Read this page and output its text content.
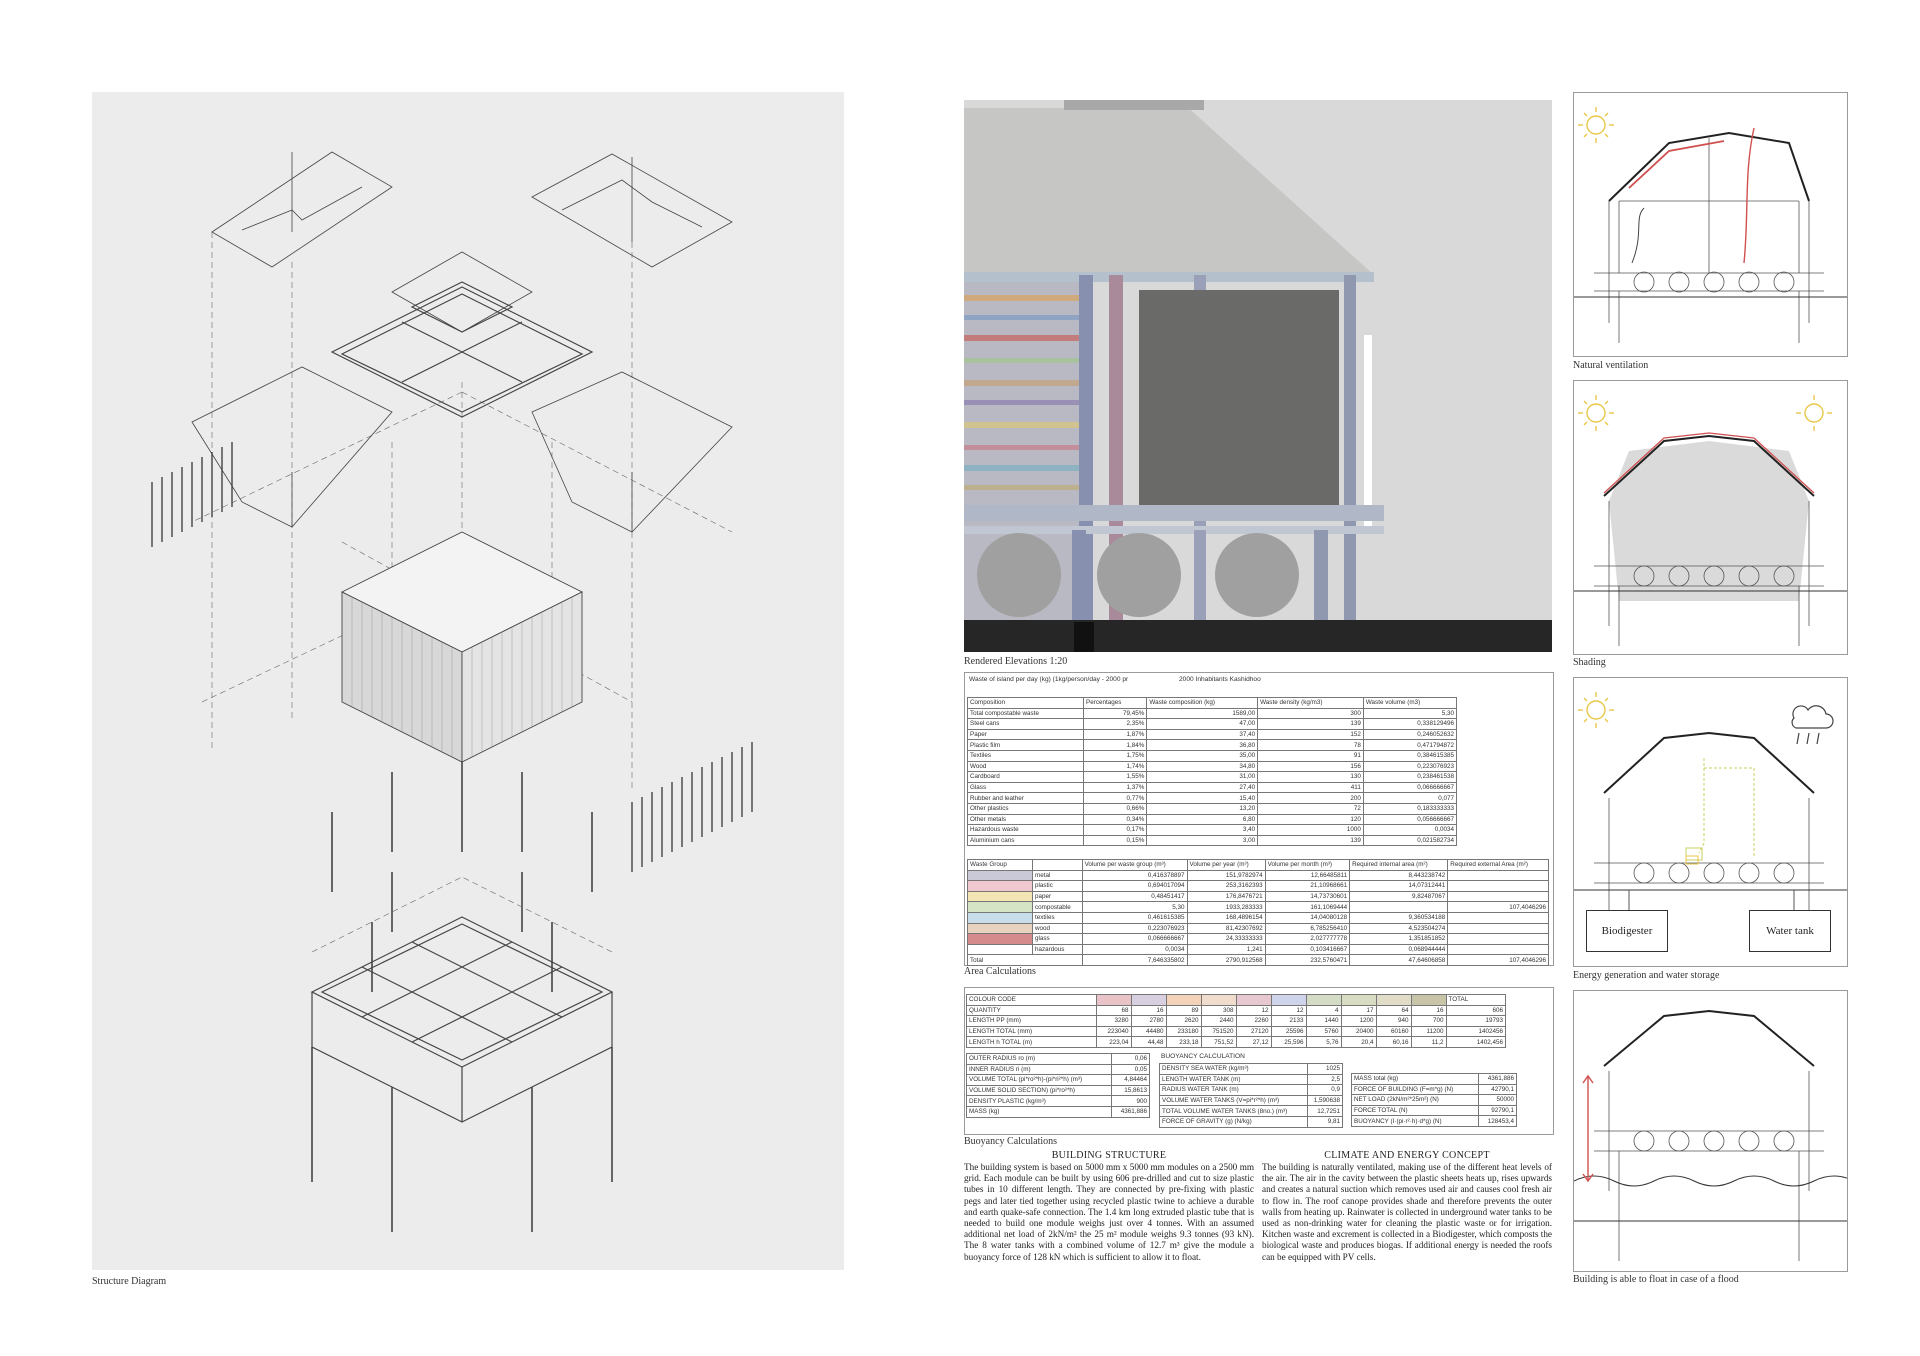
Structure Diagram
Rendered Elevations 1:20
Waste of island per day (kg) (1kg/person/day - 2000 pr	2000 Inhabitants Kashidhoo
Composition	Percentages	Waste composition (kg)	Waste density (kg/m3)	Waste volume (m3)
Total compostable waste	79,45%	1589,00	300	5,30
Steel cans	2,35%	47,00	139	0,338129496
Paper	1,87%	37,40	152	0,246052632
Plastic film	1,84%	36,80	78	0,471794872
Textiles	1,75%	35,00	91	0,384615385
Wood	1,74%	34,80	156	0,223076923
Cardboard	1,55%	31,00	130	0,238461538
Glass	1,37%	27,40	411	0,066666667
Rubber and leather	0,77%	15,40	200	0,077
Other plastics	0,66%	13,20	72	0,183333333
Other metals	0,34%	6,80	120	0,056666667
Hazardous waste	0,17%	3,40	1000	0,0034
Aluminium cans	0,15%	3,00	139	0,021582734
Waste Group		Volume per waste group (m³)	Volume per year (m³)	Volume per month (m³)	Required internal area (m²)	Required external Area (m²)
	metal	0,416378897	151,9782974	12,66485811	8,443238742	
	plastic	0,694017094	253,3162393	21,10968661	14,07312441	
	paper	0,48451417	176,8476721	14,73730601	9,82487067	
	compostable	5,30	1933,283333	161,1069444		107,4046296
	textiles	0,461615385	168,4896154	14,04080128	9,360534188	
	wood	0,223076923	81,42307692	6,785256410	4,523504274	
	glass	0,066666667	24,33333333	2,027777778	1,351851852	
	hazardous	0,0034	1,241	0,103416667	0,068944444	
Total		7,646335802	2790,912568	232,5760471	47,64606858	107,4046296
Area Calculations
COLOUR CODE											TOTAL
QUANTITY	68	16	89	308	12	12	4	17	64	16	606
LENGTH PP (mm)	3280	2780	2620	2440	2260	2133	1440	1200	940	700	19793
LENGTH TOTAL (mm)	223040	44480	233180	751520	27120	25596	5760	20400	60160	11200	1402456
LENGTH h TOTAL (m)	223,04	44,48	233,18	751,52	27,12	25,596	5,76	20,4	60,16	11,2	1402,456
OUTER RADIUS ro (m)	0,06
INNER RADIUS ri (m)	0,05
VOLUME TOTAL (pi*ro²*h)-(pi*ri²*h) (m³)	4,84464
VOLUME SOLID SECTION) (pi*ro²*h)	15,8613
DENSITY PLASTIC (kg/m³)	900
MASS (kg)	4361,886
BUOYANCY CALCULATION
DENSITY SEA WATER (kg/m³)	1025
LENGTH WATER TANK (m)	2,5
RADIUS WATER TANK (m)	0,9
VOLUME WATER TANKS (V=pi*r²*h) (m³)	1,590638
TOTAL VOLUME WATER TANKS (8no.) (m³)	12,7251
FORCE OF GRAVITY (g) (N/kg)	9,81
MASS total (kg)	4361,886
FORCE OF BUILDING (F=m*g) (N)	42790,1
NET LOAD (2kN/m²*25m²) (N)	50000
FORCE TOTAL (N)	92790,1
BUOYANCY (I·(pi·r²·h)·d*g) (N)	128453,4
Buoyancy Calculations
BUILDING STRUCTURE
The building system is based on 5000 mm x 5000 mm modules on a 2500 mm grid. Each module can be built by using 606 pre-drilled and cut to size plastic tubes in 10 different length. They are connected by pre-fixing with plastic pegs and later tied together using recycled plastic twine to achieve a durable and earth quake-safe connection. The 1.4 km long extruded plastic tube that is needed to build one module weighs just over 4 tonnes. With an assumed additional net load of 2kN/m² the 25 m² module weighs 9.3 tonnes (93 kN). The 8 water tanks with a combined volume of 12.7 m³ give the module a buoyancy force of 128 kN which is sufficient to allow it to float.
CLIMATE AND ENERGY CONCEPT
The building is naturally ventilated, making use of the different heat levels of the air. The air in the cavity between the plastic sheets heats up, rises upwards and creates a natural suction which removes used air and causes cool fresh air to flow in. The roof canope provides shade and therefore prevents the outer walls from heating up. Rainwater is collected in underground water tanks to be used as non-drinking water for cleaning the plastic waste or for irrigation. Kitchen waste and excrement is collected in a Biodigester, which composts the biological waste and produces biogas. If additional energy is needed the roofs can be equipped with PV cells.
Natural ventilation
Shading
Biodigester	Water tank
Energy generation and water storage
Building is able to float in case of a flood
